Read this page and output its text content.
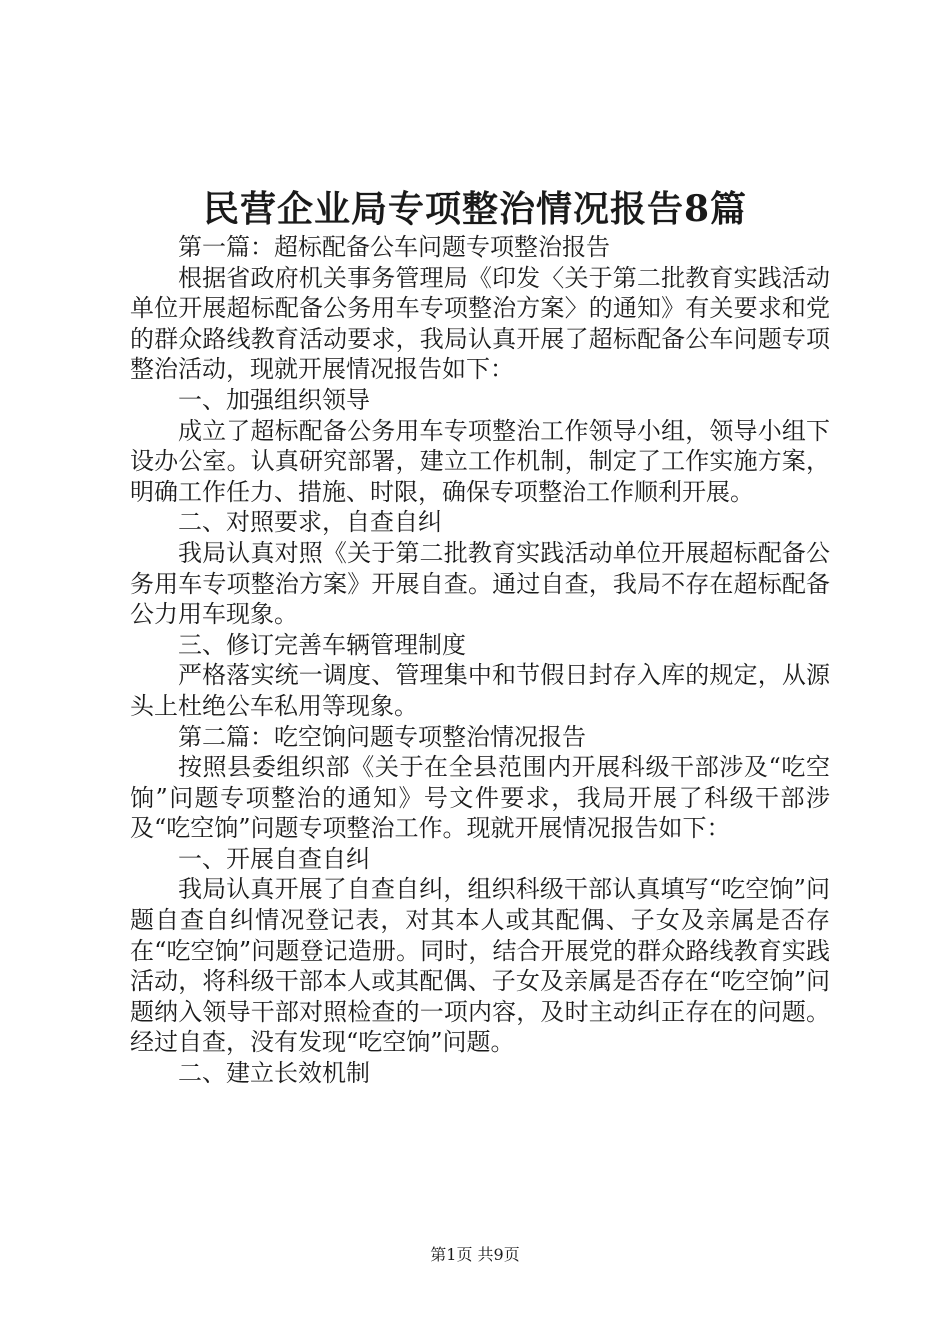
民营企业局专项整治情况报告8篇

第一篇：超标配备公车问题专项整治报告

根据省政府机关事务管理局《印发〈关于第二批教育实践活动单位开展超标配备公务用车专项整治方案〉的通知》有关要求和党的群众路线教育活动要求，我局认真开展了超标配备公车问题专项整治活动，现就开展情况报告如下：

一、加强组织领导

成立了超标配备公务用车专项整治工作领导小组，领导小组下设办公室。认真研究部署，建立工作机制，制定了工作实施方案，明确工作任力、措施、时限，确保专项整治工作顺利开展。

二、对照要求，自查自纠

我局认真对照《关于第二批教育实践活动单位开展超标配备公务用车专项整治方案》开展自查。通过自查，我局不存在超标配备公力用车现象。

三、修订完善车辆管理制度

严格落实统一调度、管理集中和节假日封存入库的规定，从源头上杜绝公车私用等现象。

第二篇：吃空饷问题专项整治情况报告

按照县委组织部《关于在全县范围内开展科级干部涉及“吃空饷”问题专项整治的通知》号文件要求，我局开展了科级干部涉及“吃空饷”问题专项整治工作。现就开展情况报告如下：

一、开展自查自纠

我局认真开展了自查自纠，组织科级干部认真填写“吃空饷”问题自查自纠情况登记表，对其本人或其配偶、子女及亲属是否存在“吃空饷”问题登记造册。同时，结合开展党的群众路线教育实践活动，将科级干部本人或其配偶、子女及亲属是否存在“吃空饷”问题纳入领导干部对照检查的一项内容，及时主动纠正存在的问题。经过自查，没有发现“吃空饷”问题。

二、建立长效机制

第1页 共9页
